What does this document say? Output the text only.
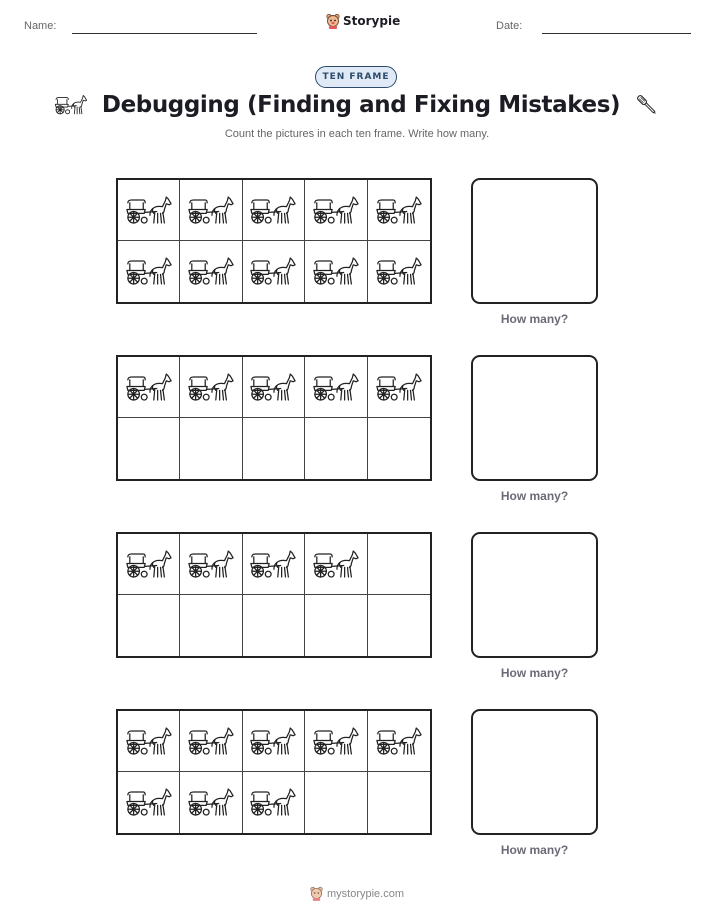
Name:	Storypie	Date:
TEN FRAME
Debugging (Finding and Fixing Mistakes)
Count the pictures in each ten frame. Write how many.
How many?
How many?
How many?
How many?
mystorypie.com
